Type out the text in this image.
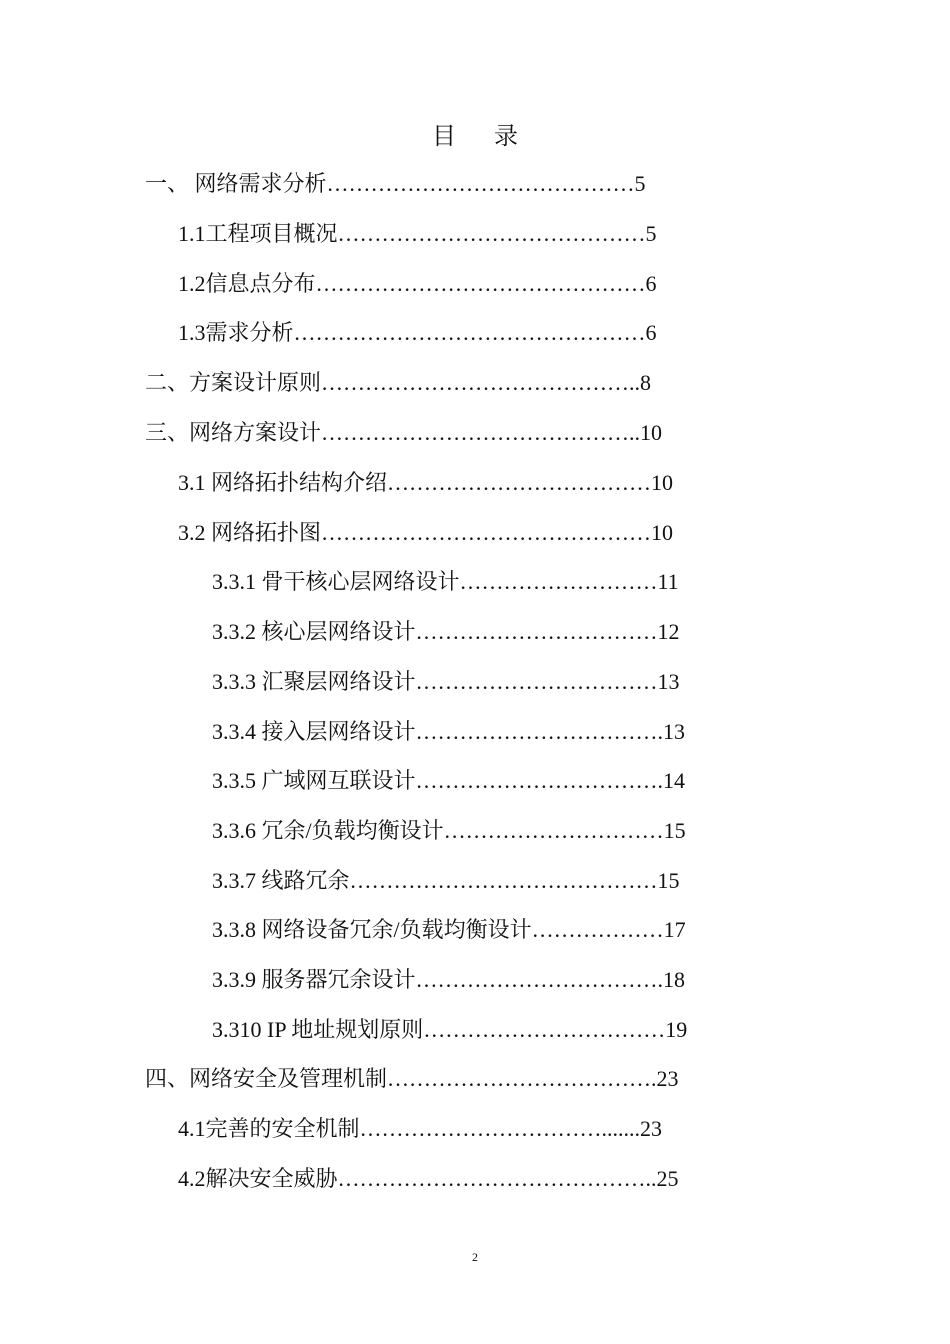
目 录
一、 网络需求分析……………………………………5
1.1工程项目概况……………………………………5
1.2信息点分布………………………………………6
1.3需求分析…………………………………………6
二、方案设计原则……………………………………..8
三、网络方案设计……………………………………..10
3.1 网络拓扑结构介绍………………………………10
3.2 网络拓扑图………………………………………10
3.3.1 骨干核心层网络设计………………………11
3.3.2 核心层网络设计……………………………12
3.3.3 汇聚层网络设计……………………………13
3.3.4 接入层网络设计…………………………….13
3.3.5 广域网互联设计…………………………….14
3.3.6 冗余/负载均衡设计…………………………15
3.3.7 线路冗余……………………………………15
3.3.8 网络设备冗余/负载均衡设计………………17
3.3.9 服务器冗余设计…………………………….18
3.310 IP 地址规划原则……………………………19
四、网络安全及管理机制……………………………….23
4.1完善的安全机制…………………………….......23
4.2解决安全威胁……………………………………..25
2
